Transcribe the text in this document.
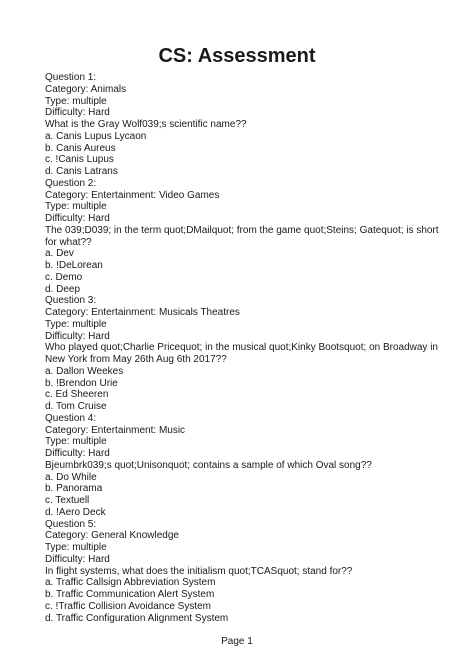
CS: Assessment
Question 1:
Category: Animals
Type: multiple
Difficulty: Hard
What is the Gray Wolf039;s scientific name??
a. Canis Lupus Lycaon
b. Canis Aureus
c. !Canis Lupus
d. Canis Latrans
Question 2:
Category: Entertainment: Video Games
Type: multiple
Difficulty: Hard
The 039;D039; in the term quot;DMailquot; from the game quot;Steins; Gatequot; is short for what??
a. Dev
b. !DeLorean
c. Demo
d. Deep
Question 3:
Category: Entertainment: Musicals Theatres
Type: multiple
Difficulty: Hard
Who played quot;Charlie Pricequot; in the musical quot;Kinky Bootsquot; on Broadway in New York from May 26th Aug 6th 2017??
a. Dallon Weekes
b. !Brendon Urie
c. Ed Sheeren
d. Tom Cruise
Question 4:
Category: Entertainment: Music
Type: multiple
Difficulty: Hard
Bjeumbrk039;s quot;Unisonquot; contains a sample of which Oval song??
a. Do While
b. Panorama
c. Textuell
d. !Aero Deck
Question 5:
Category: General Knowledge
Type: multiple
Difficulty: Hard
In flight systems, what does the initialism quot;TCASquot; stand for??
a. Traffic Callsign Abbreviation System
b. Traffic Communication Alert System
c. !Traffic Collision Avoidance System
d. Traffic Configuration Alignment System
Page 1
